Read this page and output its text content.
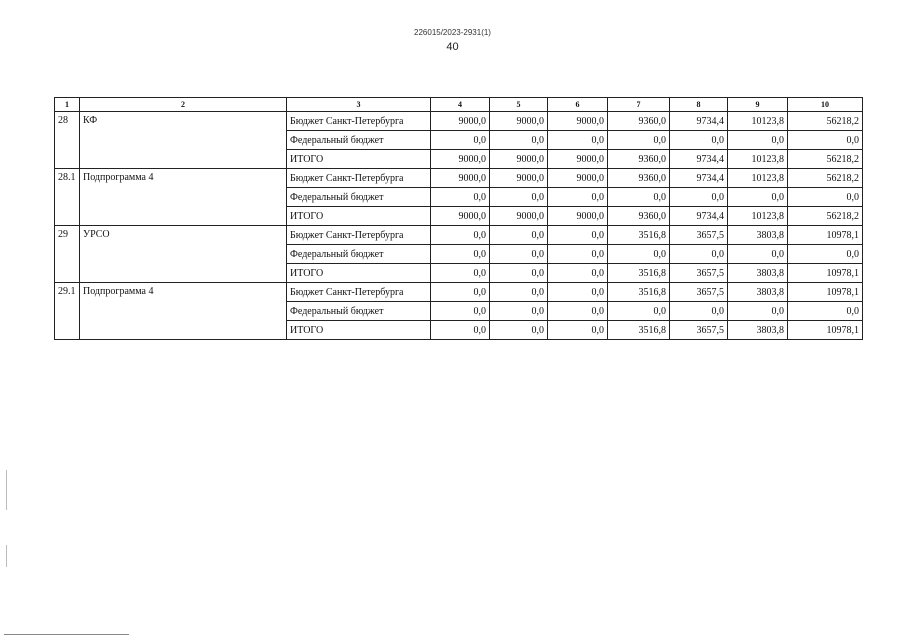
226015/2023-2931(1)
40
1	2	3	4	5	6	7	8	9	10
28	КФ	Бюджет Санкт-Петербурга	9000,0	9000,0	9000,0	9360,0	9734,4	10123,8	56218,2
		Федеральный бюджет	0,0	0,0	0,0	0,0	0,0	0,0	0,0
		ИТОГО	9000,0	9000,0	9000,0	9360,0	9734,4	10123,8	56218,2
28.1	Подпрограмма 4	Бюджет Санкт-Петербурга	9000,0	9000,0	9000,0	9360,0	9734,4	10123,8	56218,2
		Федеральный бюджет	0,0	0,0	0,0	0,0	0,0	0,0	0,0
		ИТОГО	9000,0	9000,0	9000,0	9360,0	9734,4	10123,8	56218,2
29	УРСО	Бюджет Санкт-Петербурга	0,0	0,0	0,0	3516,8	3657,5	3803,8	10978,1
		Федеральный бюджет	0,0	0,0	0,0	0,0	0,0	0,0	0,0
		ИТОГО	0,0	0,0	0,0	3516,8	3657,5	3803,8	10978,1
29.1	Подпрограмма 4	Бюджет Санкт-Петербурга	0,0	0,0	0,0	3516,8	3657,5	3803,8	10978,1
		Федеральный бюджет	0,0	0,0	0,0	0,0	0,0	0,0	0,0
		ИТОГО	0,0	0,0	0,0	3516,8	3657,5	3803,8	10978,1
